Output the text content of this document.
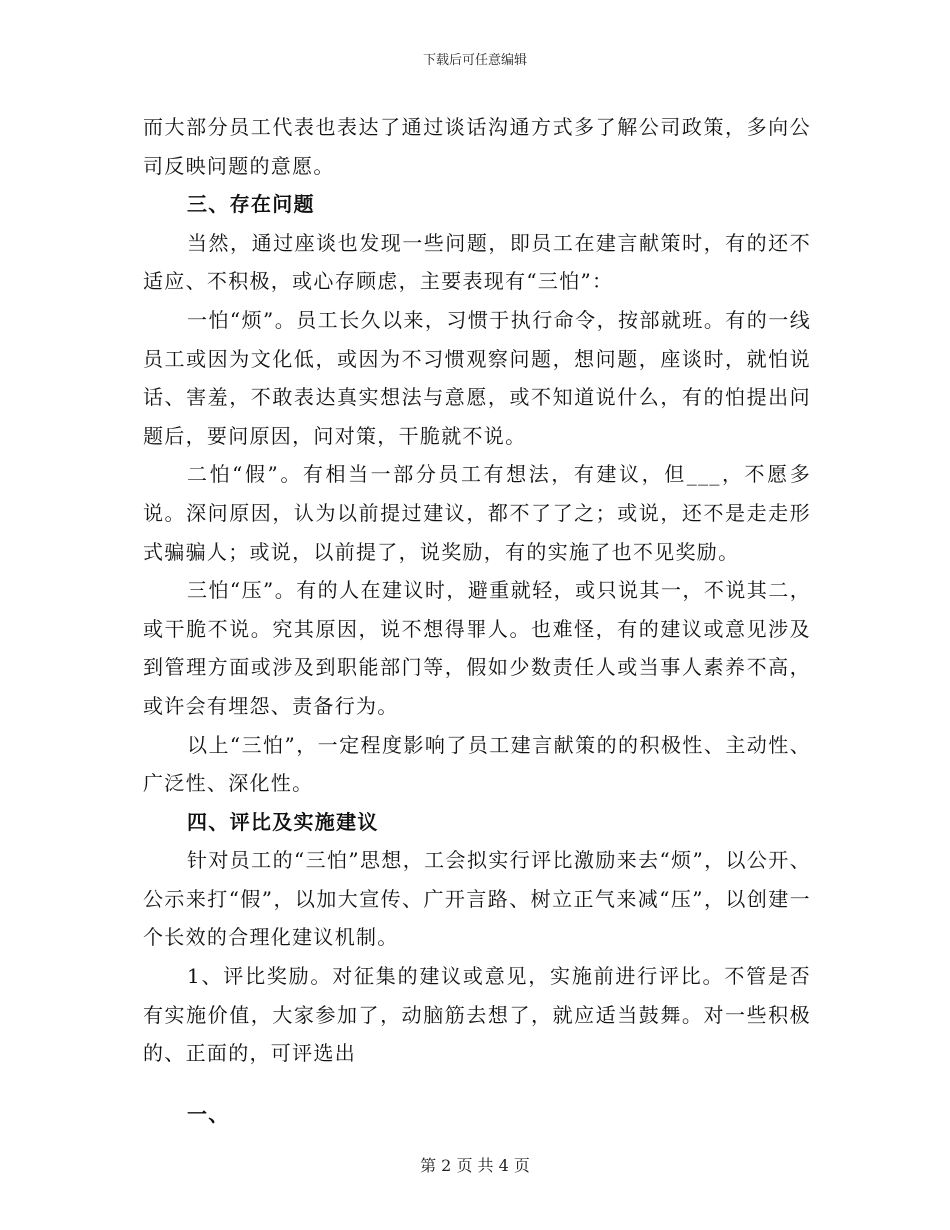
下载后可任意编辑

而大部分员工代表也表达了通过谈话沟通方式多了解公司政策，多向公司反映问题的意愿。

三、存在问题

当然，通过座谈也发现一些问题，即员工在建言献策时，有的还不适应、不积极，或心存顾虑，主要表现有“三怕”：

一怕“烦”。员工长久以来，习惯于执行命令，按部就班。有的一线员工或因为文化低，或因为不习惯观察问题，想问题，座谈时，就怕说话、害羞，不敢表达真实想法与意愿，或不知道说什么，有的怕提出问题后，要问原因，问对策，干脆就不说。

二怕“假”。有相当一部分员工有想法，有建议，但___，不愿多说。深问原因，认为以前提过建议，都不了了之；或说，还不是走走形式骗骗人；或说，以前提了，说奖励，有的实施了也不见奖励。

三怕“压”。有的人在建议时，避重就轻，或只说其一，不说其二，或干脆不说。究其原因，说不想得罪人。也难怪，有的建议或意见涉及到管理方面或涉及到职能部门等，假如少数责任人或当事人素养不高，或许会有埋怨、责备行为。

以上“三怕”，一定程度影响了员工建言献策的的积极性、主动性、广泛性、深化性。

四、评比及实施建议

针对员工的“三怕”思想，工会拟实行评比激励来去“烦”，以公开、公示来打“假”，以加大宣传、广开言路、树立正气来减“压”，以创建一个长效的合理化建议机制。

1、评比奖励。对征集的建议或意见，实施前进行评比。不管是否有实施价值，大家参加了，动脑筋去想了，就应适当鼓舞。对一些积极的、正面的，可评选出

一、

第 2 页 共 4 页
